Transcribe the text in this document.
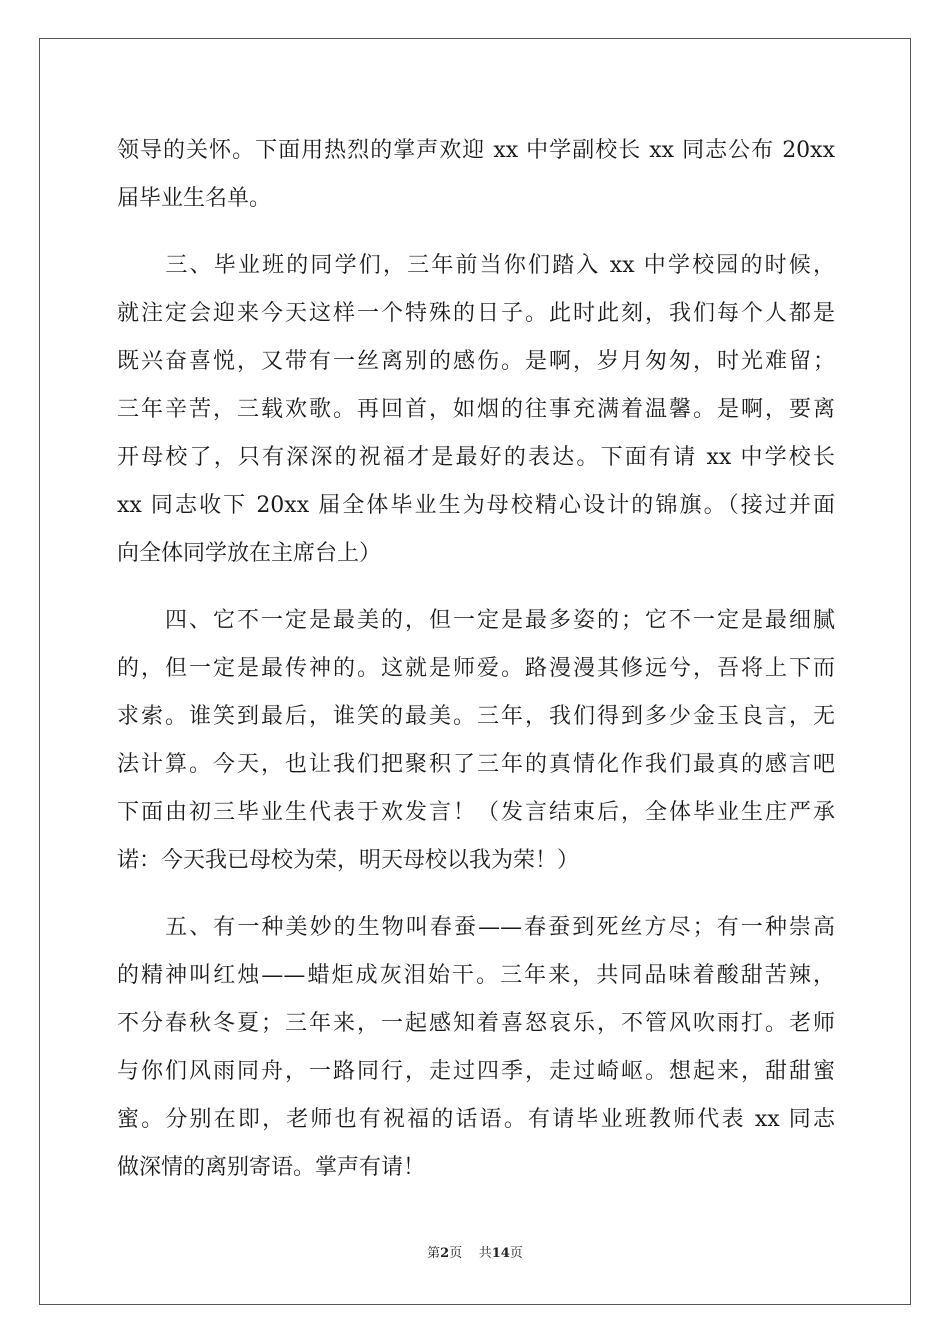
领导的关怀。下面用热烈的掌声欢迎 xx 中学副校长 xx 同志公布 20xx
届毕业生名单。
　　三、毕业班的同学们，三年前当你们踏入 xx 中学校园的时候，
就注定会迎来今天这样一个特殊的日子。此时此刻，我们每个人都是
既兴奋喜悦，又带有一丝离别的感伤。是啊，岁月匆匆，时光难留；
三年辛苦，三载欢歌。再回首，如烟的往事充满着温馨。是啊，要离
开母校了，只有深深的祝福才是最好的表达。下面有请 xx 中学校长
xx 同志收下 20xx 届全体毕业生为母校精心设计的锦旗。（接过并面
向全体同学放在主席台上）
　　四、它不一定是最美的，但一定是最多姿的；它不一定是最细腻
的，但一定是最传神的。这就是师爱。路漫漫其修远兮，吾将上下而
求索。谁笑到最后，谁笑的最美。三年，我们得到多少金玉良言，无
法计算。今天，也让我们把聚积了三年的真情化作我们最真的感言吧
下面由初三毕业生代表于欢发言！（发言结束后，全体毕业生庄严承
诺：今天我已母校为荣，明天母校以我为荣！）
　　五、有一种美妙的生物叫春蚕——春蚕到死丝方尽；有一种崇高
的精神叫红烛——蜡炬成灰泪始干。三年来，共同品味着酸甜苦辣，
不分春秋冬夏；三年来，一起感知着喜怒哀乐，不管风吹雨打。老师
与你们风雨同舟，一路同行，走过四季，走过崎岖。想起来，甜甜蜜
蜜。分别在即，老师也有祝福的话语。有请毕业班教师代表 xx 同志
做深情的离别寄语。掌声有请！
第2页 共14页
